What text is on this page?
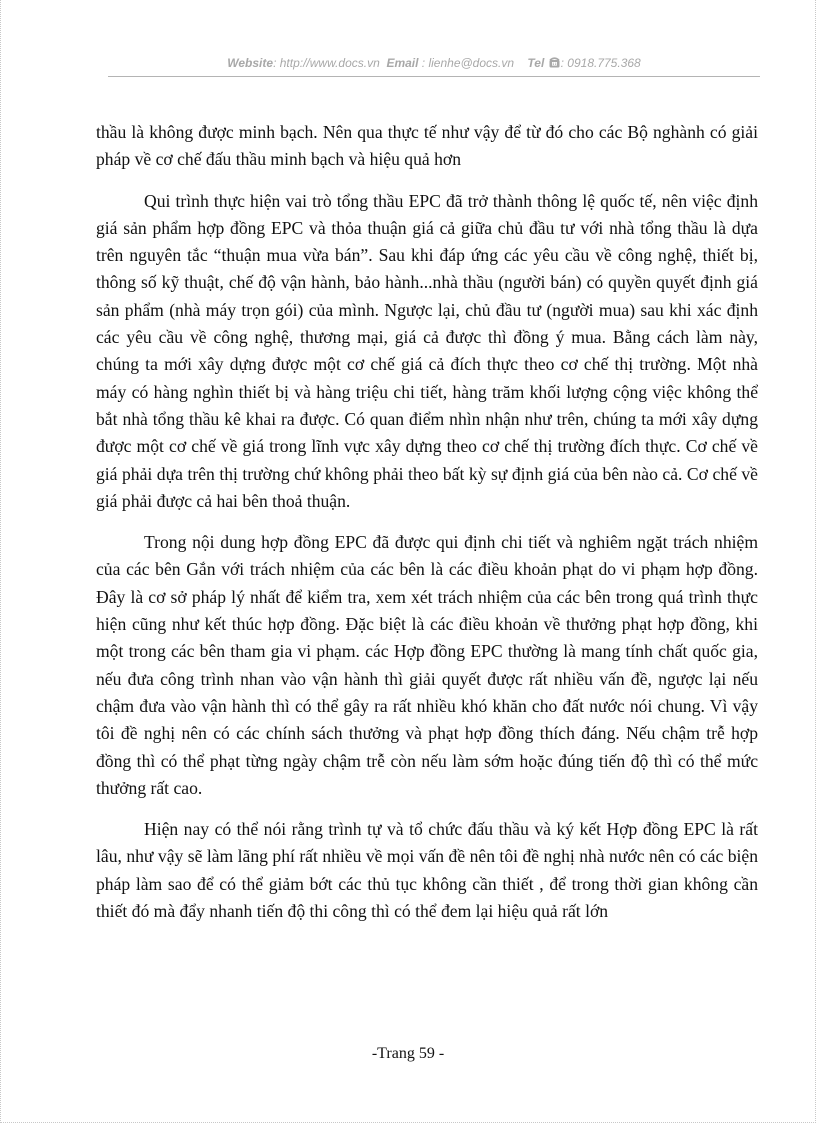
Website: http://www.docs.vn Email : lienhe@docs.vn Tel : 0918.775.368

thầu là không được minh bạch. Nên qua thực tế như vậy để từ đó cho các Bộ nghành có giải pháp về cơ chế đấu thầu minh bạch và hiệu quả hơn

Qui trình thực hiện vai trò tổng thầu EPC đã trở thành thông lệ quốc tế, nên việc định giá sản phẩm hợp đồng EPC và thỏa thuận giá cả giữa chủ đầu tư với nhà tổng thầu là dựa trên nguyên tắc “thuận mua vừa bán”. Sau khi đáp ứng các yêu cầu về công nghệ, thiết bị, thông số kỹ thuật, chế độ vận hành, bảo hành...nhà thầu (người bán) có quyền quyết định giá sản phẩm (nhà máy trọn gói) của mình. Ngược lại, chủ đầu tư (người mua) sau khi xác định các yêu cầu về công nghệ, thương mại, giá cả được thì đồng ý mua. Bằng cách làm này, chúng ta mới xây dựng được một cơ chế giá cả đích thực theo cơ chế thị trường. Một nhà máy có hàng nghìn thiết bị và hàng triệu chi tiết, hàng trăm khối lượng cộng việc không thể bắt nhà tổng thầu kê khai ra được. Có quan điểm nhìn nhận như trên, chúng ta mới xây dựng được một cơ chế về giá trong lĩnh vực xây dựng theo cơ chế thị trường đích thực. Cơ chế về giá phải dựa trên thị trường chứ không phải theo bất kỳ sự định giá của bên nào cả. Cơ chế về giá phải được cả hai bên thoả thuận.

Trong nội dung hợp đồng EPC đã được qui định chi tiết và nghiêm ngặt trách nhiệm của các bên Gắn với trách nhiệm của các bên là các điều khoản phạt do vi phạm hợp đồng. Đây là cơ sở pháp lý nhất để kiểm tra, xem xét trách nhiệm của các bên trong quá trình thực hiện cũng như kết thúc hợp đồng. Đặc biệt là các điều khoản về thưởng phạt hợp đồng, khi một trong các bên tham gia vi phạm. các Hợp đồng EPC thường là mang tính chất quốc gia, nếu đưa công trình nhan vào vận hành thì giải quyết được rất nhiều vấn đề, ngược lại nếu chậm đưa vào vận hành thì có thể gây ra rất nhiều khó khăn cho đất nước nói chung. Vì vậy tôi đề nghị nên có các chính sách thưởng và phạt hợp đồng thích đáng. Nếu chậm trễ hợp đồng thì có thể phạt từng ngày chậm trễ còn nếu làm sớm hoặc đúng tiến độ thì có thể mức thưởng rất cao.

Hiện nay có thể nói rằng trình tự và tổ chức đấu thầu và ký kết Hợp đồng EPC là rất lâu, như vậy sẽ làm lãng phí rất nhiều về mọi vấn đề nên tôi đề nghị nhà nước nên có các biện pháp làm sao để có thể giảm bớt các thủ tục không cần thiết , để trong thời gian không cần thiết đó mà đẩy nhanh tiến độ thi công thì có thể đem lại hiệu quả rất lớn

-Trang 59 -
